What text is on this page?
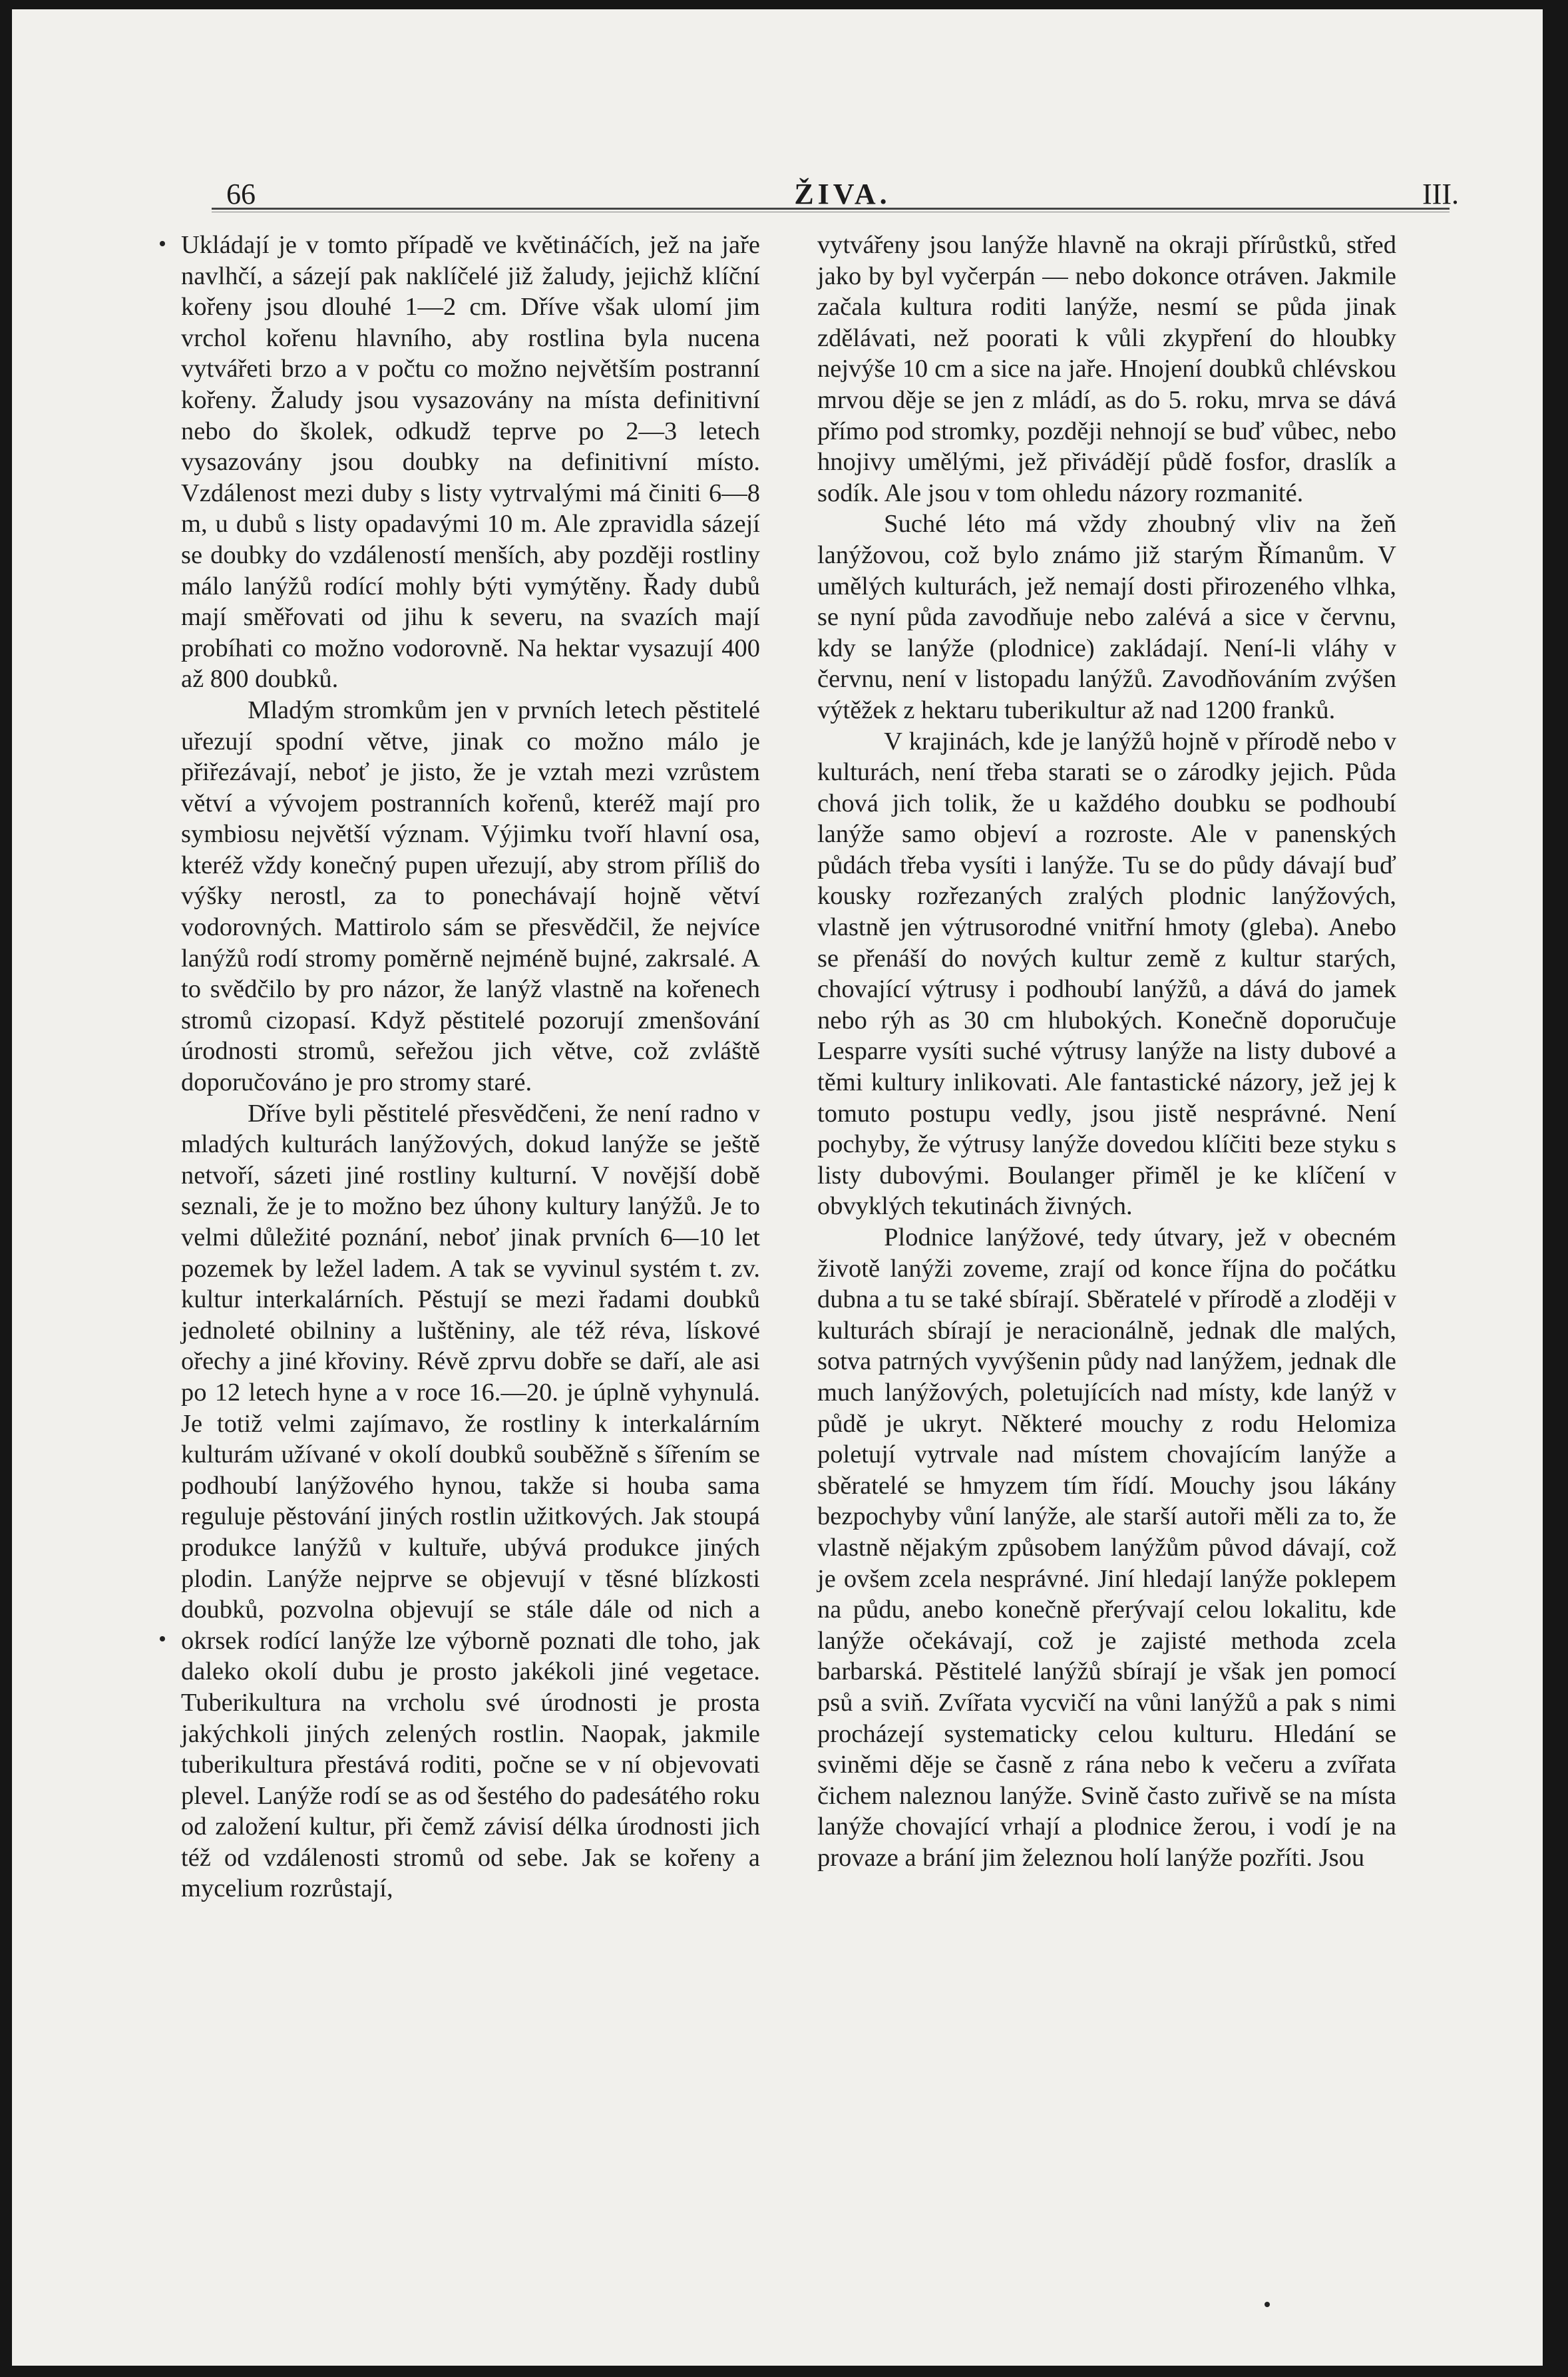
66	ŽIVA.	III.

Ukládají je v tomto případě ve květináčích, jež na jaře navlhčí, a sázejí pak naklíčelé již žaludy, jejichž klíční kořeny jsou dlouhé 1—2 cm. Dříve však ulomí jim vrchol kořenu hlavního, aby rostlina byla nucena vytvářeti brzo a v počtu co možno největším postranní kořeny. Žaludy jsou vysazovány na místa definitivní nebo do školek, odkudž teprve po 2—3 letech vysazovány jsou doubky na definitivní místo. Vzdálenost mezi duby s listy vytrvalými má činiti 6—8 m, u dubů s listy opadavými 10 m. Ale zpravidla sázejí se doubky do vzdáleností menších, aby později rostliny málo lanýžů rodící mohly býti vymýtěny. Řady dubů mají směřovati od jihu k severu, na svazích mají probíhati co možno vodorovně. Na hektar vysazují 400 až 800 doubků.

Mladým stromkům jen v prvních letech pěstitelé uřezují spodní větve, jinak co možno málo je přiřezávají, neboť je jisto, že je vztah mezi vzrůstem větví a vývojem postranních kořenů, kteréž mají pro symbiosu největší význam. Výjimku tvoří hlavní osa, kteréž vždy konečný pupen uřezují, aby strom příliš do výšky nerostl, za to ponechávají hojně větví vodorovných. Mattirolo sám se přesvědčil, že nejvíce lanýžů rodí stromy poměrně nejméně bujné, zakrsalé. A to svědčilo by pro názor, že lanýž vlastně na kořenech stromů cizopasí. Když pěstitelé pozorují zmenšování úrodnosti stromů, seřežou jich větve, což zvláště doporučováno je pro stromy staré.

Dříve byli pěstitelé přesvědčeni, že není radno v mladých kulturách lanýžových, dokud lanýže se ještě netvoří, sázeti jiné rostliny kulturní. V novější době seznali, že je to možno bez úhony kultury lanýžů. Je to velmi důležité poznání, neboť jinak prvních 6—10 let pozemek by ležel ladem. A tak se vyvinul systém t. zv. kultur interkalárních. Pěstují se mezi řadami doubků jednoleté obilniny a luštěniny, ale též réva, lískové ořechy a jiné křoviny. Révě zprvu dobře se daří, ale asi po 12 letech hyne a v roce 16.—20. je úplně vyhynulá. Je totiž velmi zajímavo, že rostliny k interkalárním kulturám užívané v okolí doubků souběžně s šířením se podhoubí lanýžového hynou, takže si houba sama reguluje pěstování jiných rostlin užitkových. Jak stoupá produkce lanýžů v kultuře, ubývá produkce jiných plodin. Lanýže nejprve se objevují v těsné blízkosti doubků, pozvolna objevují se stále dále od nich a okrsek rodící lanýže lze výborně poznati dle toho, jak daleko okolí dubu je prosto jakékoli jiné vegetace. Tuberikultura na vrcholu své úrodnosti je prosta jakýchkoli jiných zelených rostlin. Naopak, jakmile tuberikultura přestává roditi, počne se v ní objevovati plevel. Lanýže rodí se as od šestého do padesátého roku od založení kultur, při čemž závisí délka úrodnosti jich též od vzdálenosti stromů od sebe. Jak se kořeny a mycelium rozrůstají,

vytvářeny jsou lanýže hlavně na okraji přírůstků, střed jako by byl vyčerpán — nebo dokonce otráven. Jakmile začala kultura roditi lanýže, nesmí se půda jinak zdělávati, než poorati k vůli zkypření do hloubky nejvýše 10 cm a sice na jaře. Hnojení doubků chlévskou mrvou děje se jen z mládí, as do 5. roku, mrva se dává přímo pod stromky, později nehnojí se buď vůbec, nebo hnojivy umělými, jež přivádějí půdě fosfor, draslík a sodík. Ale jsou v tom ohledu názory rozmanité.

Suché léto má vždy zhoubný vliv na žeň lanýžovou, což bylo známo již starým Římanům. V umělých kulturách, jež nemají dosti přirozeného vlhka, se nyní půda zavodňuje nebo zalévá a sice v červnu, kdy se lanýže (plodnice) zakládají. Není-li vláhy v červnu, není v listopadu lanýžů. Zavodňováním zvýšen výtěžek z hektaru tuberikultur až nad 1200 franků.

V krajinách, kde je lanýžů hojně v přírodě nebo v kulturách, není třeba starati se o zárodky jejich. Půda chová jich tolik, že u každého doubku se podhoubí lanýže samo objeví a rozroste. Ale v panenských půdách třeba vysíti i lanýže. Tu se do půdy dávají buď kousky rozřezaných zralých plodnic lanýžových, vlastně jen výtrusorodné vnitřní hmoty (gleba). Anebo se přenáší do nových kultur země z kultur starých, chovající výtrusy i podhoubí lanýžů, a dává do jamek nebo rýh as 30 cm hlubokých. Konečně doporučuje Lesparre vysíti suché výtrusy lanýže na listy dubové a těmi kultury inlikovati. Ale fantastické názory, jež jej k tomuto postupu vedly, jsou jistě nesprávné. Není pochyby, že výtrusy lanýže dovedou klíčiti beze styku s listy dubovými. Boulanger přiměl je ke klíčení v obvyklých tekutinách živných.

Plodnice lanýžové, tedy útvary, jež v obecném životě lanýži zoveme, zrají od konce října do počátku dubna a tu se také sbírají. Sběratelé v přírodě a zloději v kulturách sbírají je neracionálně, jednak dle malých, sotva patrných vyvýšenin půdy nad lanýžem, jednak dle much lanýžových, poletujících nad místy, kde lanýž v půdě je ukryt. Některé mouchy z rodu Helomiza poletují vytrvale nad místem chovajícím lanýže a sběratelé se hmyzem tím řídí. Mouchy jsou lákány bezpochyby vůní lanýže, ale starší autoři měli za to, že vlastně nějakým způsobem lanýžům původ dávají, což je ovšem zcela nesprávné. Jiní hledají lanýže poklepem na půdu, anebo konečně přerývají celou lokalitu, kde lanýže očekávají, což je zajisté methoda zcela barbarská. Pěstitelé lanýžů sbírají je však jen pomocí psů a sviň. Zvířata vycvičí na vůni lanýžů a pak s nimi procházejí systematicky celou kulturu. Hledání se sviněmi děje se časně z rána nebo k večeru a zvířata čichem naleznou lanýže. Svině často zuřivě se na místa lanýže chovající vrhají a plodnice žerou, i vodí je na provaze a brání jim železnou holí lanýže pozříti. Jsou
